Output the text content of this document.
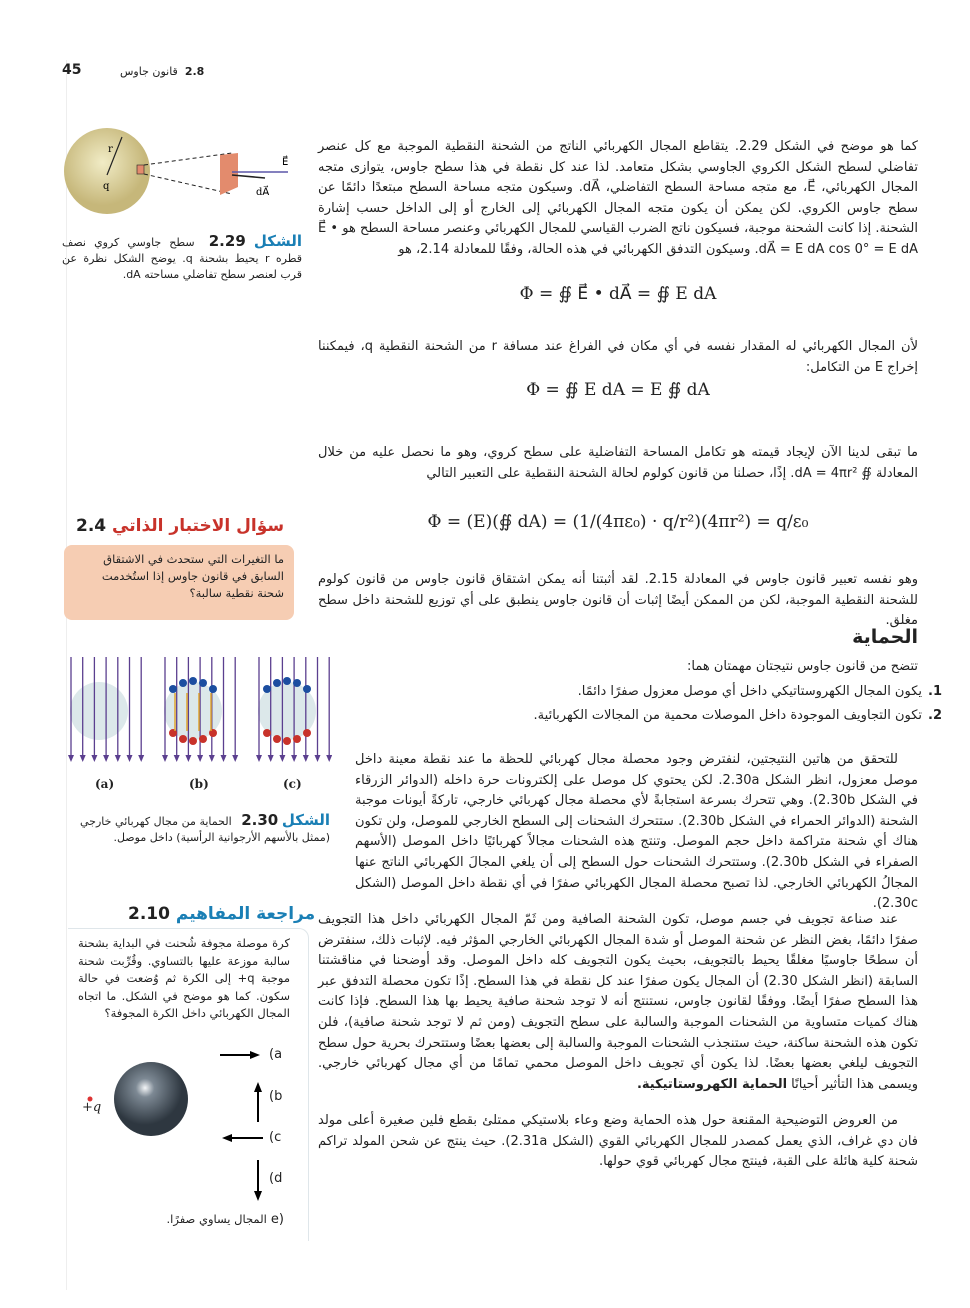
45	2.8  قانون جاوس
r
q
E⃗
dA⃗
الشكل 2.29 سطح جاوسي كروي نصف قطره r يحيط بشحنة q. يوضح الشكل نظرة عن قرب لعنصر سطح تفاضلي مساحته dA.
سؤال الاختبار الذاتي 2.4
ما التغيرات التي ستحدث في الاشتقاق السابق في قانون جاوس إذا استُخدمت شحنة نقطية سالبة؟
(a)	(b)	(c)
الشكل 2.30 الحماية من مجال كهربائي خارجي (ممثل بالأسهم الأرجوانية الرأسية) داخل موصل.
مراجعة المفاهيم 2.10
كرة موصلة مجوفة شُحنت في البداية بشحنة سالبة موزعة عليها بالتساوي. وقُرِّبت شحنة موجبة q+ إلى الكرة ثم وُضعت في حالة سكون. كما هو موضح في الشكل. ما اتجاه المجال الكهربائي داخل الكرة المجوفة؟
+q
(a
(b
(c
(d
(e المجال يساوي صفرًا.

كما هو موضح في الشكل 2.29. يتقاطع المجال الكهربائي الناتج من الشحنة النقطية الموجبة مع كل عنصر تفاضلي لسطح الشكل الكروي الجاوسي بشكل متعامد. لذا عند كل نقطة في هذا سطح جاوس، يتوازى متجه المجال الكهربائي، E⃗، مع متجه مساحة السطح التفاضلي، dA⃗. وسيكون متجه مساحة السطح مبتعدًا دائمًا عن سطح جاوس الكروي. لكن يمكن أن يكون متجه المجال الكهربائي إلى الخارج أو إلى الداخل حسب إشارة الشحنة. إذا كانت الشحنة موجبة، فسيكون ناتج الضرب القياسي للمجال الكهربائي وعنصر مساحة السطح هو E⃗ • dA⃗ = E dA cos 0° = E dA. وسيكون التدفق الكهربائي في هذه الحالة، وفقًا للمعادلة 2.14، هو

Φ = ∯ E⃗ • dA⃗ = ∯ E dA

لأن المجال الكهربائي له المقدار نفسه في أي مكان في الفراغ عند مسافة r من الشحنة النقطية q، فيمكننا إخراج E من التكامل:

Φ = ∯ E dA = E ∯ dA

ما تبقى لدينا الآن لإيجاد قيمته هو تكامل المساحة التفاضلية على سطح كروي، وهو ما نحصل عليه من خلال المعادلة ∯ dA = 4πr². إذًا، حصلنا من قانون كولوم لحالة الشحنة النقطية على التعبير التالي

Φ = (E)(∯ dA) = (1/(4πε₀) · q/r²)(4πr²) = q/ε₀

وهو نفسه تعبير قانون جاوس في المعادلة 2.15. لقد أثبتنا أنه يمكن اشتقاق قانون جاوس من قانون كولوم للشحنة النقطية الموجبة، لكن من الممكن أيضًا إثبات أن قانون جاوس ينطبق على أي توزيع للشحنة داخل سطح مغلق.

الحماية
تتضح من قانون جاوس نتيجتان مهمتان هما:
1.يكون المجال الكهروستاتيكي داخل أي موصل معزول صفرًا دائمًا.
2.تكون التجاويف الموجودة داخل الموصلات محمية من المجالات الكهربائية.

للتحقق من هاتين النتيجتين، لنفترض وجود محصلة مجال كهربائي للحظة ما عند نقطة معينة داخل موصل معزول، انظر الشكل 2.30a. لكن يحتوي كل موصل على إلكترونات حرة داخله (الدوائر الزرقاء في الشكل 2.30b). وهي تتحرك بسرعة استجابةً لأي محصلة مجال كهربائي خارجي، تاركةً أيونات موجبة الشحنة (الدوائر الحمراء في الشكل 2.30b). ستتحرك الشحنات إلى السطح الخارجي للموصل، ولن تكون هناك أي شحنة متراكمة داخل حجم الموصل. وتنتج هذه الشحنات مجالاً كهربائيًا داخل الموصل (الأسهم الصفراء في الشكل 2.30b). وستتحرك الشحنات حول السطح إلى أن يلغي المجالَ الكهربائي الناتج عنها المجالُ الكهربائي الخارجي. لذا تصبح محصلة المجال الكهربائي صفرًا في أي نقطة داخل الموصل (الشكل 2.30c).

عند صناعة تجويف في جسم موصل، تكون الشحنة الصافية ومن ثَمّ المجال الكهربائي داخل هذا التجويف صفرًا دائمًا، بغض النظر عن شحنة الموصل أو شدة المجال الكهربائي الخارجي المؤثر فيه. لإثبات ذلك، سنفترض أن سطحًا جاوسيًا مغلقًا يحيط بالتجويف، بحيث يكون التجويف كله داخل الموصل. وقد أوضحنا في مناقشتنا السابقة (انظر الشكل 2.30) أن المجال يكون صفرًا عند كل نقطة في هذا السطح. إذًا تكون محصلة التدفق عبر هذا السطح صفرًا أيضًا. ووفقًا لقانون جاوس، نستنتج أنه لا توجد شحنة صافية يحيط بها هذا السطح. فإذا كانت هناك كميات متساوية من الشحنات الموجبة والسالبة على سطح التجويف (ومن ثم لا توجد شحنة صافية)، فلن تكون هذه الشحنة ساكنة، حيث ستنجذب الشحنات الموجبة والسالبة إلى بعضها بعضًا وستتحرك بحرية حول سطح التجويف ليلغي بعضها بعضًا. لذا يكون أي تجويف داخل الموصل محمي تمامًا من أي مجال كهربائي خارجي. ويسمى هذا التأثير أحيانًا الحماية الكهروستاتيكية.

من العروض التوضيحية المقنعة حول هذه الحماية وضع وعاء بلاستيكي ممتلئ بقطع فلين صغيرة أعلى مولد فان دي غراف، الذي يعمل كمصدر للمجال الكهربائي القوي (الشكل 2.31a). حيث ينتج عن شحن المولد تراكم شحنة كلية هائلة على القبة، فينتج مجال كهربائي قوي حولها.
